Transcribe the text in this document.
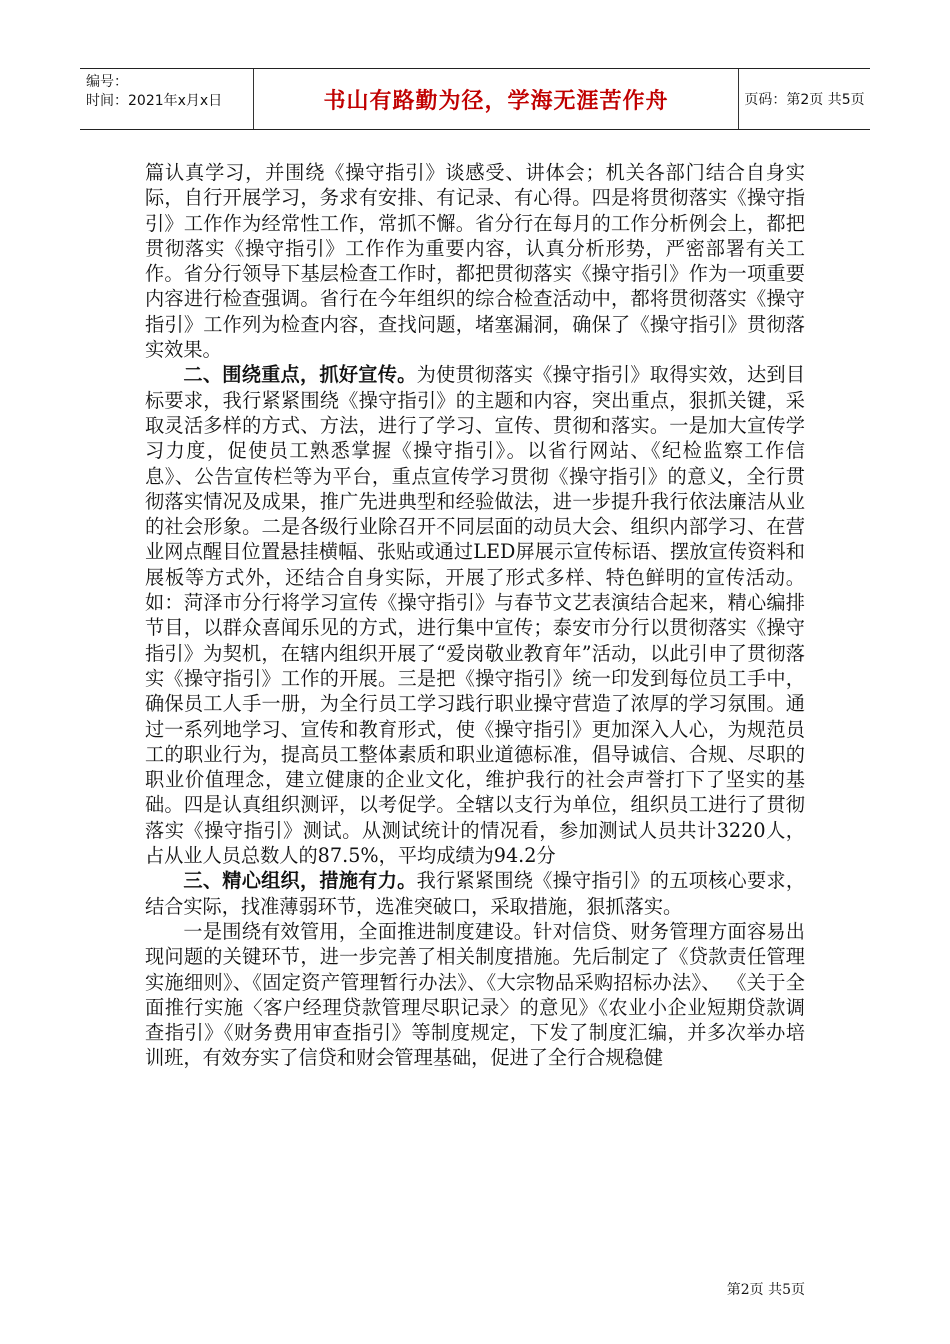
编号：
时间：2021年x月x日	书山有路勤为径，学海无涯苦作舟	页码：第2页 共5页

篇认真学习，并围绕《操守指引》谈感受、讲体会；机关各部门结合自身实际，自行开展学习，务求有安排、有记录、有心得。四是将贯彻落实《操守指引》工作作为经常性工作，常抓不懈。省分行在每月的工作分析例会上，都把贯彻落实《操守指引》工作作为重要内容，认真分析形势，严密部署有关工作。省分行领导下基层检查工作时，都把贯彻落实《操守指引》作为一项重要内容进行检查强调。省行在今年组织的综合检查活动中，都将贯彻落实《操守指引》工作列为检查内容，查找问题，堵塞漏洞，确保了《操守指引》贯彻落实效果。

二、围绕重点，抓好宣传。为使贯彻落实《操守指引》取得实效，达到目标要求，我行紧紧围绕《操守指引》的主题和内容，突出重点，狠抓关键，采取灵活多样的方式、方法，进行了学习、宣传、贯彻和落实。一是加大宣传学习力度，促使员工熟悉掌握《操守指引》。以省行网站、《纪检监察工作信息》、公告宣传栏等为平台，重点宣传学习贯彻《操守指引》的意义，全行贯彻落实情况及成果，推广先进典型和经验做法，进一步提升我行依法廉洁从业的社会形象。二是各级行业除召开不同层面的动员大会、组织内部学习、在营业网点醒目位置悬挂横幅、张贴或通过LED屏展示宣传标语、摆放宣传资料和展板等方式外，还结合自身实际，开展了形式多样、特色鲜明的宣传活动。如：菏泽市分行将学习宣传《操守指引》与春节文艺表演结合起来，精心编排节目，以群众喜闻乐见的方式，进行集中宣传；泰安市分行以贯彻落实《操守指引》为契机，在辖内组织开展了“爱岗敬业教育年”活动，以此引申了贯彻落实《操守指引》工作的开展。三是把《操守指引》统一印发到每位员工手中，确保员工人手一册，为全行员工学习践行职业操守营造了浓厚的学习氛围。通过一系列地学习、宣传和教育形式，使《操守指引》更加深入人心，为规范员工的职业行为，提高员工整体素质和职业道德标准，倡导诚信、合规、尽职的职业价值理念，建立健康的企业文化，维护我行的社会声誉打下了坚实的基础。四是认真组织测评，以考促学。全辖以支行为单位，组织员工进行了贯彻落实《操守指引》测试。从测试统计的情况看，参加测试人员共计3220人，占从业人员总数人的87.5%，平均成绩为94.2分

三、精心组织，措施有力。我行紧紧围绕《操守指引》的五项核心要求，结合实际，找准薄弱环节，选准突破口，采取措施，狠抓落实。

一是围绕有效管用，全面推进制度建设。针对信贷、财务管理方面容易出现问题的关键环节，进一步完善了相关制度措施。先后制定了《贷款责任管理实施细则》、《固定资产管理暂行办法》、《大宗物品采购招标办法》、 《关于全面推行实施〈客户经理贷款管理尽职记录〉的意见》《农业小企业短期贷款调查指引》《财务费用审查指引》等制度规定，下发了制度汇编，并多次举办培训班，有效夯实了信贷和财会管理基础，促进了全行合规稳健

第2页 共5页
